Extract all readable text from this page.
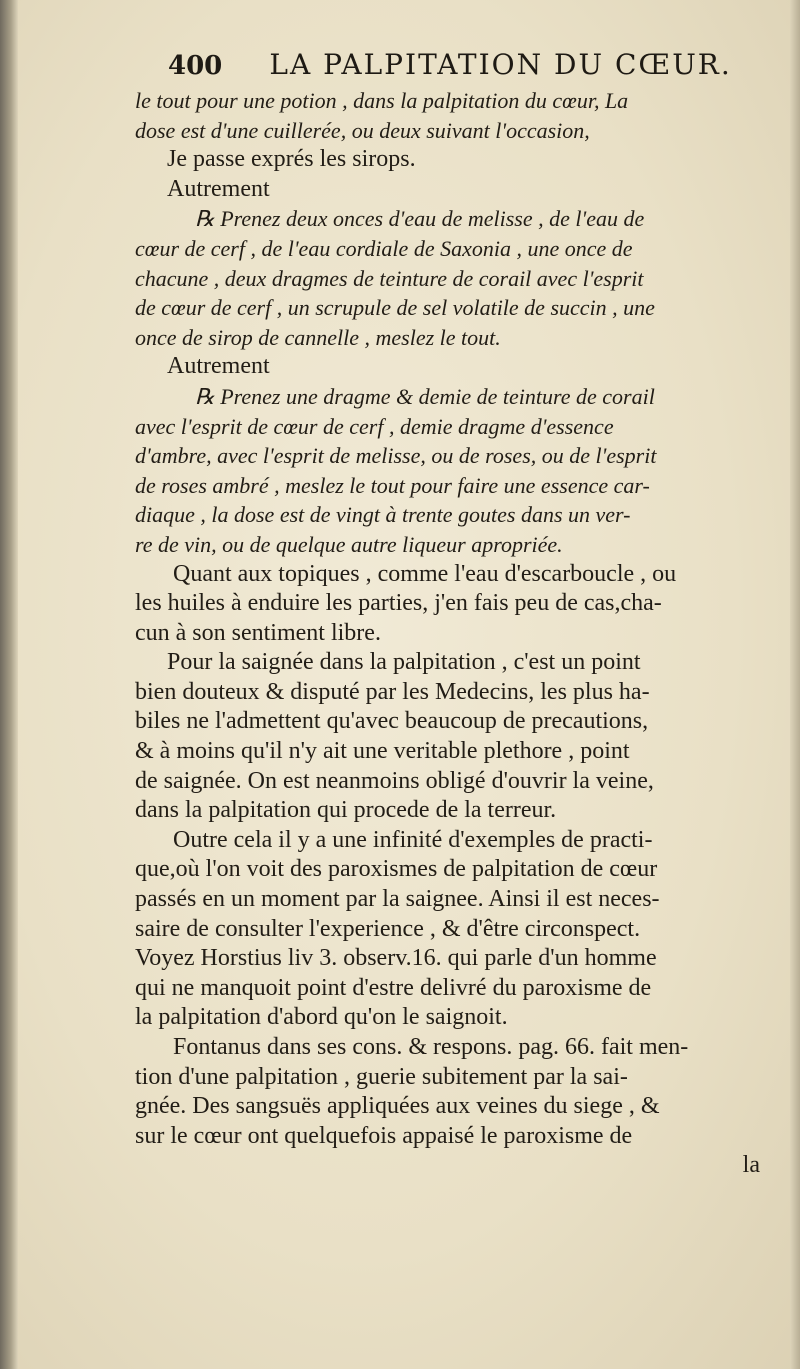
400 LA PALPITATION DU CŒUR.
le tout pour une potion , dans la palpitation du cœur, La
dose est d'une cuillerée, ou deux suivant l'occasion,
Je passe exprés les sirops.
Autrement
℞ Prenez deux onces d'eau de melisse , de l'eau de
cœur de cerf , de l'eau cordiale de Saxonia , une once de
chacune , deux dragmes de teinture de corail avec l'esprit
de cœur de cerf , un scrupule de sel volatile de succin , une
once de sirop de cannelle , meslez le tout.
Autrement
℞ Prenez une dragme & demie de teinture de corail
avec l'esprit de cœur de cerf , demie dragme d'essence
d'ambre, avec l'esprit de melisse, ou de roses, ou de l'esprit
de roses ambré , meslez le tout pour faire une essence car-
diaque , la dose est de vingt à trente goutes dans un ver-
re de vin, ou de quelque autre liqueur apropriée.
Quant aux topiques , comme l'eau d'escarboucle , ou
les huiles à enduire les parties, j'en fais peu de cas,cha-
cun à son sentiment libre.
Pour la saignée dans la palpitation , c'est un point
bien douteux & disputé par les Medecins, les plus ha-
biles ne l'admettent qu'avec beaucoup de precautions,
& à moins qu'il n'y ait une veritable plethore , point
de saignée. On est neanmoins obligé d'ouvrir la veine,
dans la palpitation qui procede de la terreur.
Outre cela il y a une infinité d'exemples de practi-
que,où l'on voit des paroxismes de palpitation de cœur
passés en un moment par la saignee. Ainsi il est neces-
saire de consulter l'experience , & d'être circonspect.
Voyez Horstius liv 3. observ.16. qui parle d'un homme
qui ne manquoit point d'estre delivré du paroxisme de
la palpitation d'abord qu'on le saignoit.
Fontanus dans ses cons. & respons. pag. 66. fait men-
tion d'une palpitation , guerie subitement par la sai-
gnée. Des sangsuës appliquées aux veines du siege , &
sur le cœur ont quelquefois appaisé le paroxisme de
la
